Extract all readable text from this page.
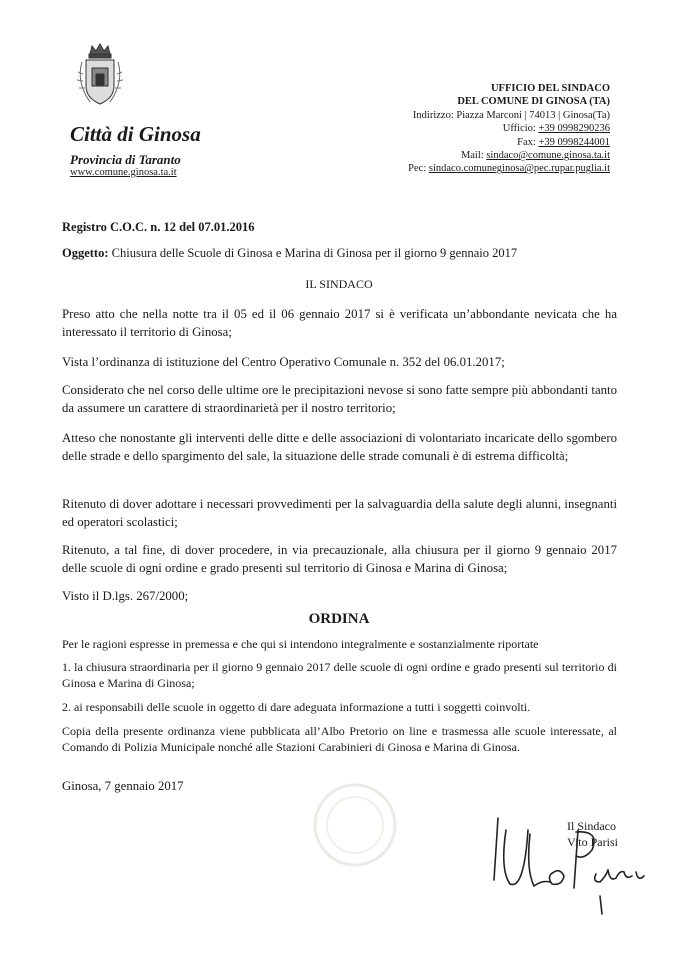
Città di Ginosa
Provincia di Taranto
www.comune.ginosa.ta.it
UFFICIO DEL SINDACO
DEL COMUNE DI GINOSA (TA)
Indirizzo: Piazza Marconi | 74013 | Ginosa(Ta)
Ufficio: +39 0998290236
Fax: +39 0998244001
Mail: sindaco@comune.ginosa.ta.it
Pec: sindaco.comuneginosa@pec.rupar.puglia.it
Registro C.O.C. n. 12 del 07.01.2016
Oggetto: Chiusura delle Scuole di Ginosa e Marina di Ginosa per il giorno 9 gennaio 2017
IL SINDACO

Preso atto che nella notte tra il 05 ed il 06 gennaio 2017 si è verificata un’abbondante nevicata che ha interessato il territorio di Ginosa;

Vista l’ordinanza di istituzione del Centro Operativo Comunale n. 352 del 06.01.2017;

Considerato che nel corso delle ultime ore le precipitazioni nevose si sono fatte sempre più abbondanti tanto da assumere un carattere di straordinarietà per il nostro territorio;

Atteso che nonostante gli interventi delle ditte e delle associazioni di volontariato incaricate dello sgombero delle strade e dello spargimento del sale, la situazione delle strade comunali è di estrema difficoltà;

Ritenuto di dover adottare i necessari provvedimenti per la salvaguardia della salute degli alunni, insegnanti ed operatori scolastici;

Ritenuto, a tal fine, di dover procedere, in via precauzionale, alla chiusura per il giorno 9 gennaio 2017 delle scuole di ogni ordine e grado presenti sul territorio di Ginosa e Marina di Ginosa;

Visto il D.lgs. 267/2000;

ORDINA

Per le ragioni espresse in premessa e che qui si intendono integralmente e sostanzialmente riportate

1. la chiusura straordinaria per il giorno 9 gennaio 2017 delle scuole di ogni ordine e grado presenti sul territorio di Ginosa e Marina di Ginosa;

2. ai responsabili delle scuole in oggetto di dare adeguata informazione a tutti i soggetti coinvolti.

Copia della presente ordinanza viene pubblicata all’Albo Pretorio on line e trasmessa alle scuole interessate, al Comando di Polizia Municipale nonché alle Stazioni Carabinieri di Ginosa e Marina di Ginosa.

Ginosa, 7 gennaio 2017
Il Sindaco
Vito Parisi
